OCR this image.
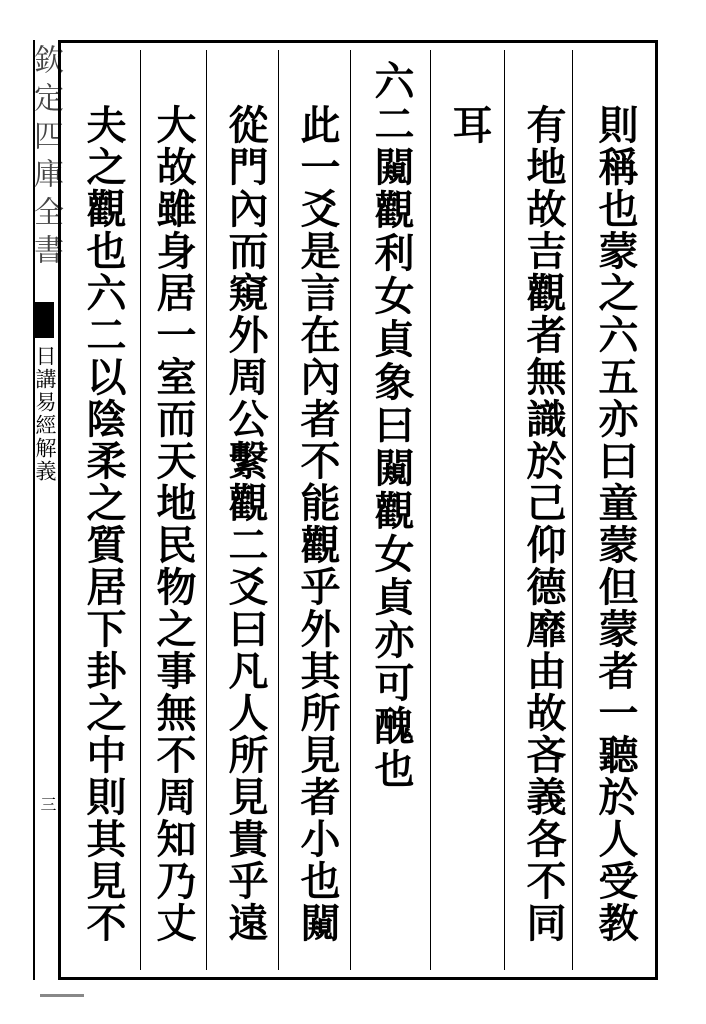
欽定四庫全書
日講易經解義
三	則稱也蒙之六五亦曰童蒙但蒙者一聽於人受教
有地故吉觀者無識於己仰德靡由故吝義各不同
耳
六二闚觀利女貞象曰闚觀女貞亦可醜也
此一爻是言在內者不能觀乎外其所見者小也闚
從門內而窺外周公繫觀二爻曰凡人所見貴乎遠
大故雖身居一室而天地民物之事無不周知乃丈
夫之觀也六二以陰柔之質居下卦之中則其見不
